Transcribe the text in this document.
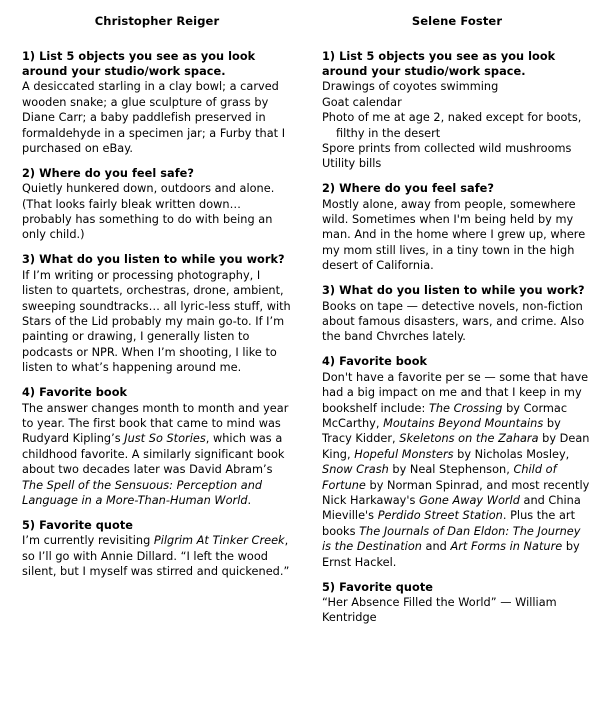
Christopher Reiger

1) List 5 objects you see as you look around your studio/work space.

A desiccated starling in a clay bowl; a carved wooden snake; a glue sculpture of grass by Diane Carr; a baby paddlefish preserved in formaldehyde in a specimen jar; a Furby that I purchased on eBay.

2) Where do you feel safe?

Quietly hunkered down, outdoors and alone. (That looks fairly bleak written down… probably has something to do with being an only child.)

3) What do you listen to while you work?

If I’m writing or processing photography, I listen to quartets, orchestras, drone, ambient, sweeping soundtracks… all lyric-less stuff, with Stars of the Lid probably my main go-to. If I’m painting or drawing, I generally listen to podcasts or NPR. When I’m shooting, I like to listen to what’s happening around me.

4) Favorite book

The answer changes month to month and year to year. The first book that came to mind was Rudyard Kipling’s Just So Stories, which was a childhood favorite. A similarly significant book about two decades later was David Abram’s The Spell of the Sensuous: Perception and Language in a More-Than-Human World.

5) Favorite quote

I’m currently revisiting Pilgrim At Tinker Creek, so I’ll go with Annie Dillard. “I left the wood silent, but I myself was stirred and quickened.”

Selene Foster

1) List 5 objects you see as you look around your studio/work space.

Drawings of coyotes swimming
Goat calendar
Photo of me at age 2, naked except for boots, filthy in the desert
Spore prints from collected wild mushrooms
Utility bills

2) Where do you feel safe?

Mostly alone, away from people, somewhere wild. Sometimes when I'm being held by my man. And in the home where I grew up, where my mom still lives, in a tiny town in the high desert of California.

3) What do you listen to while you work?

Books on tape — detective novels, non-fiction about famous disasters, wars, and crime. Also the band Chvrches lately.

4) Favorite book

Don't have a favorite per se — some that have had a big impact on me and that I keep in my bookshelf include: The Crossing by Cormac McCarthy, Moutains Beyond Mountains by Tracy Kidder, Skeletons on the Zahara by Dean King, Hopeful Monsters by Nicholas Mosley, Snow Crash by Neal Stephenson, Child of Fortune by Norman Spinrad, and most recently Nick Harkaway's Gone Away World and China Mieville's Perdido Street Station. Plus the art books The Journals of Dan Eldon: The Journey is the Destination and Art Forms in Nature by Ernst Hackel.

5) Favorite quote

“Her Absence Filled the World” — William Kentridge
